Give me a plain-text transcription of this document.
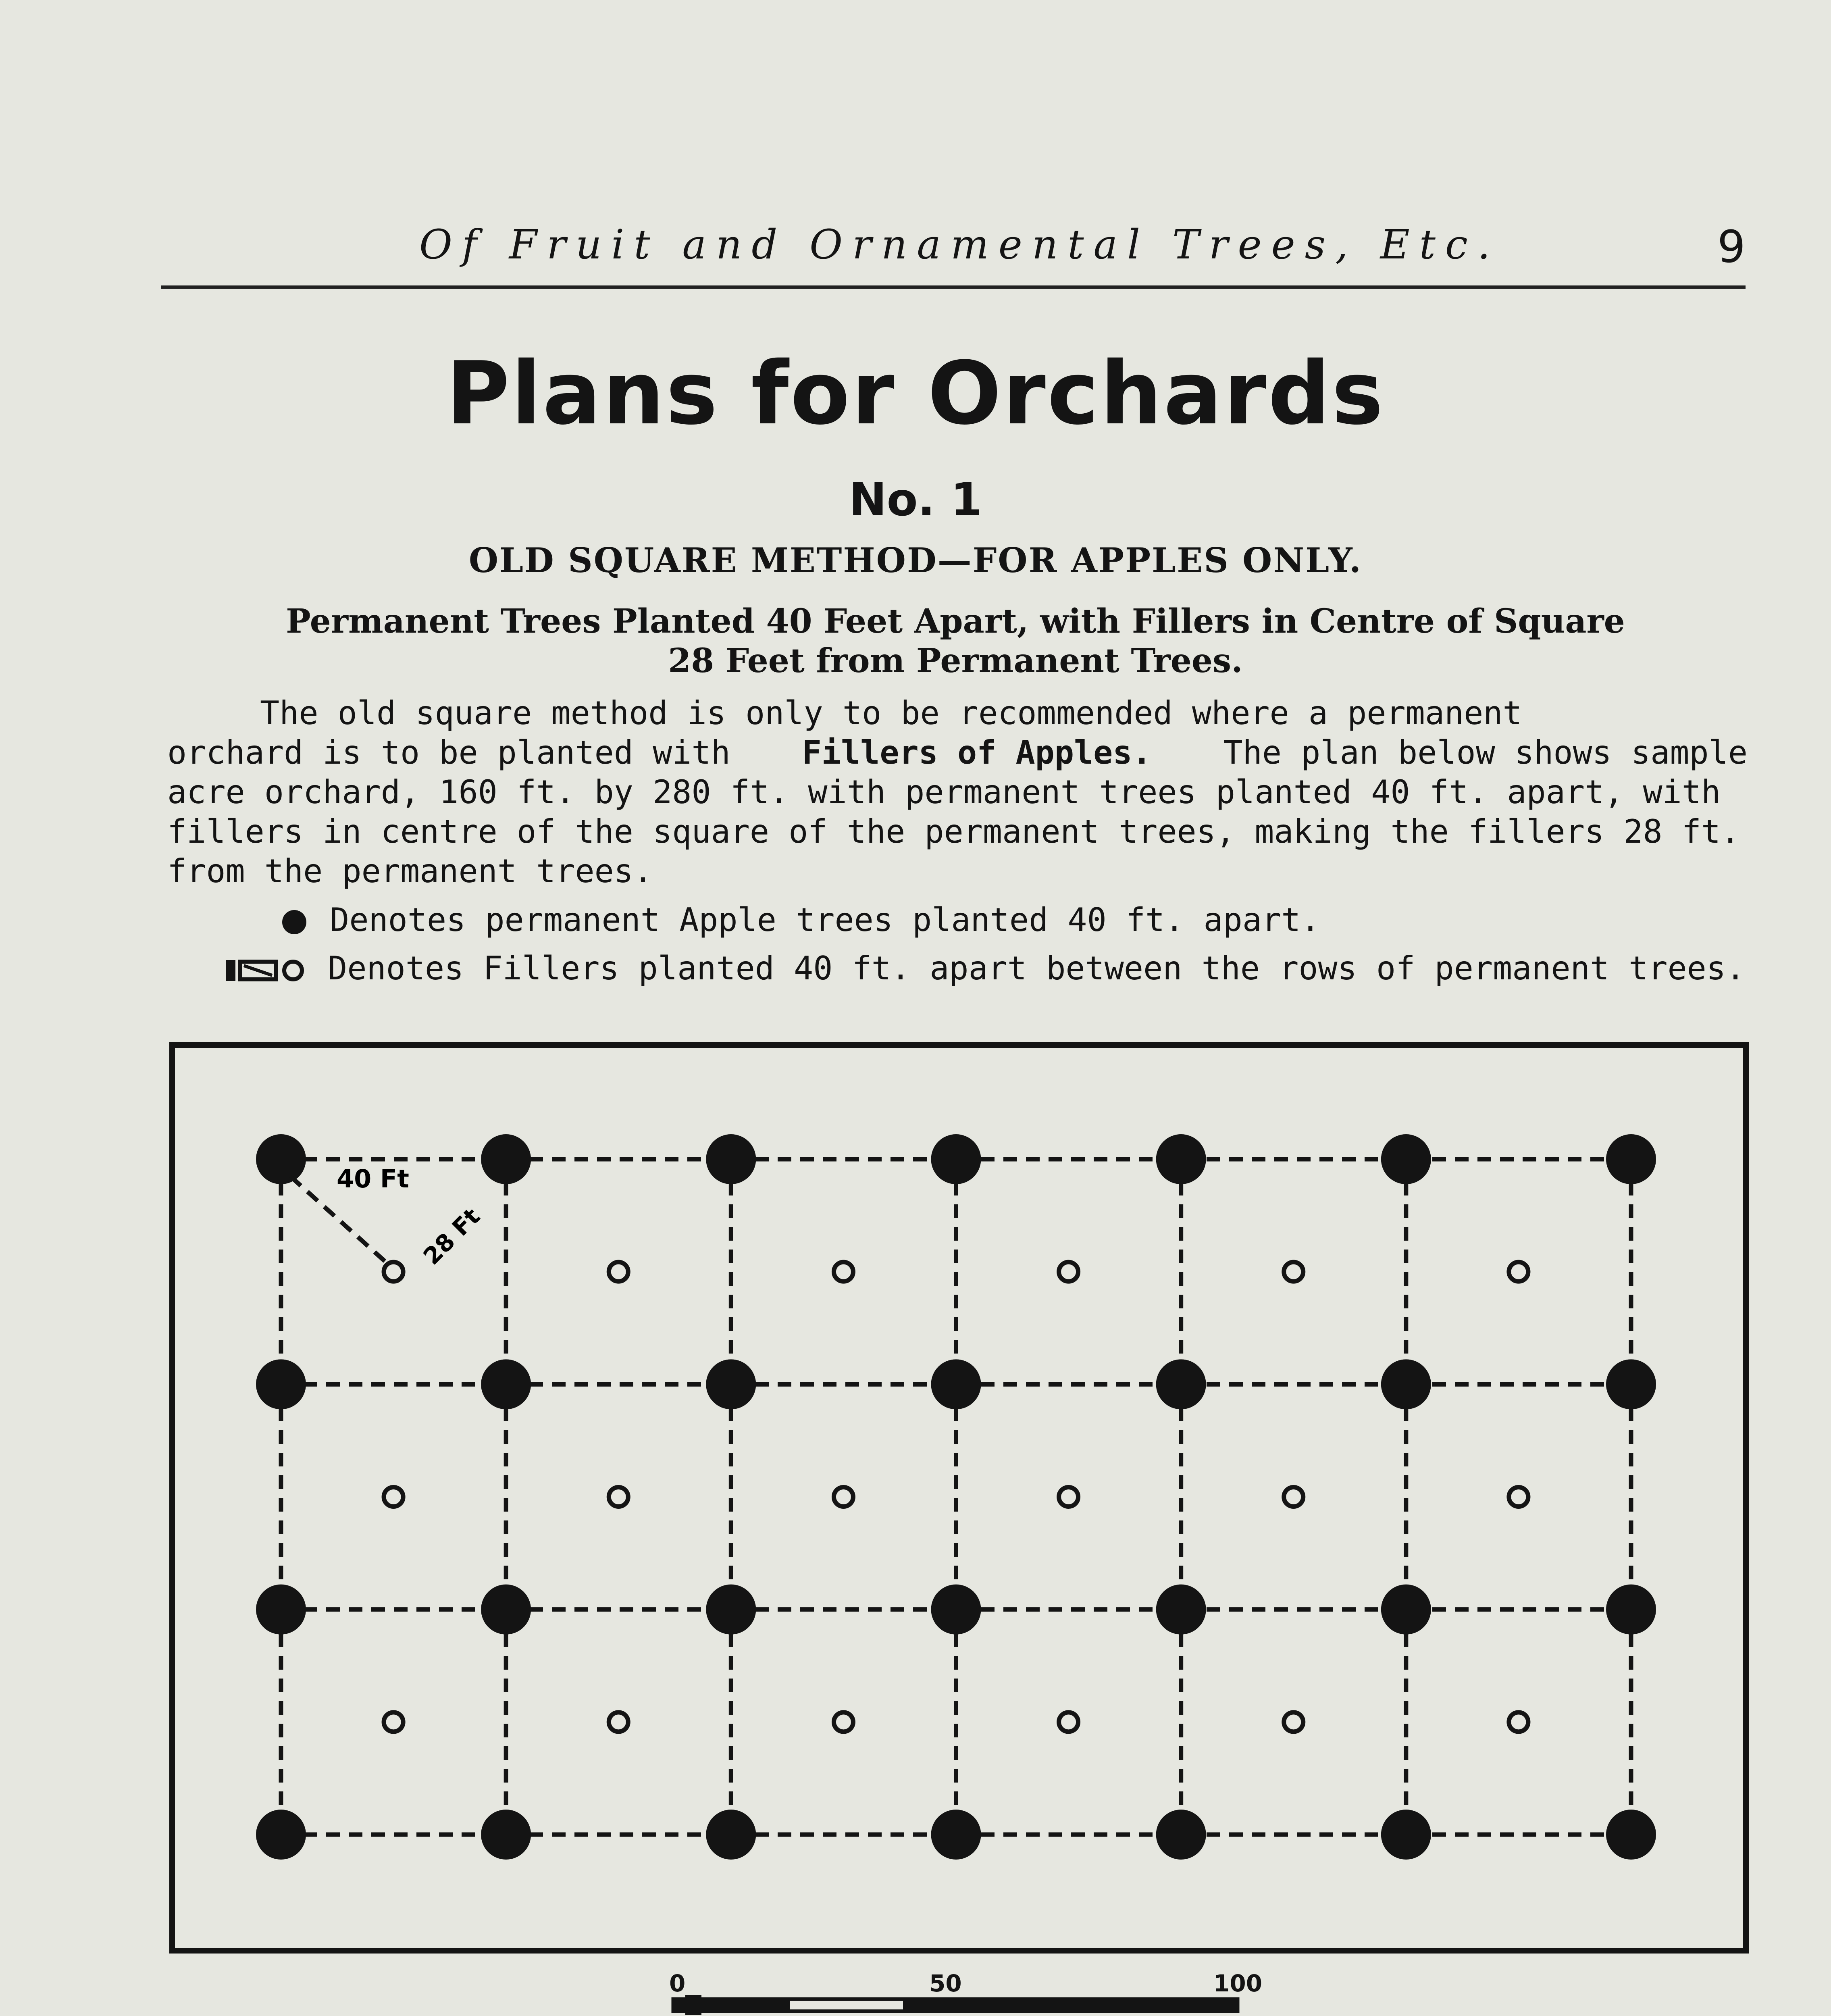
Of Fruit and Ornamental Trees, Etc.	9
Plans for Orchards
No. 1
OLD SQUARE METHOD—FOR APPLES ONLY.
Permanent Trees Planted 40 Feet Apart, with Fillers in Centre of Square
28 Feet from Permanent Trees.
The old square method is only to be recommended where a permanent
orchard is to be planted with Fillers of Apples. The plan below shows sample
acre orchard, 160 ft. by 280 ft. with permanent trees planted 40 ft. apart, with
fillers in centre of the square of the permanent trees, making the fillers 28 ft.
from the permanent trees.
Denotes permanent Apple trees planted 40 ft. apart.
Denotes Fillers planted 40 ft. apart between the rows of permanent trees.
40 Ft
28 Ft
0	50	100
